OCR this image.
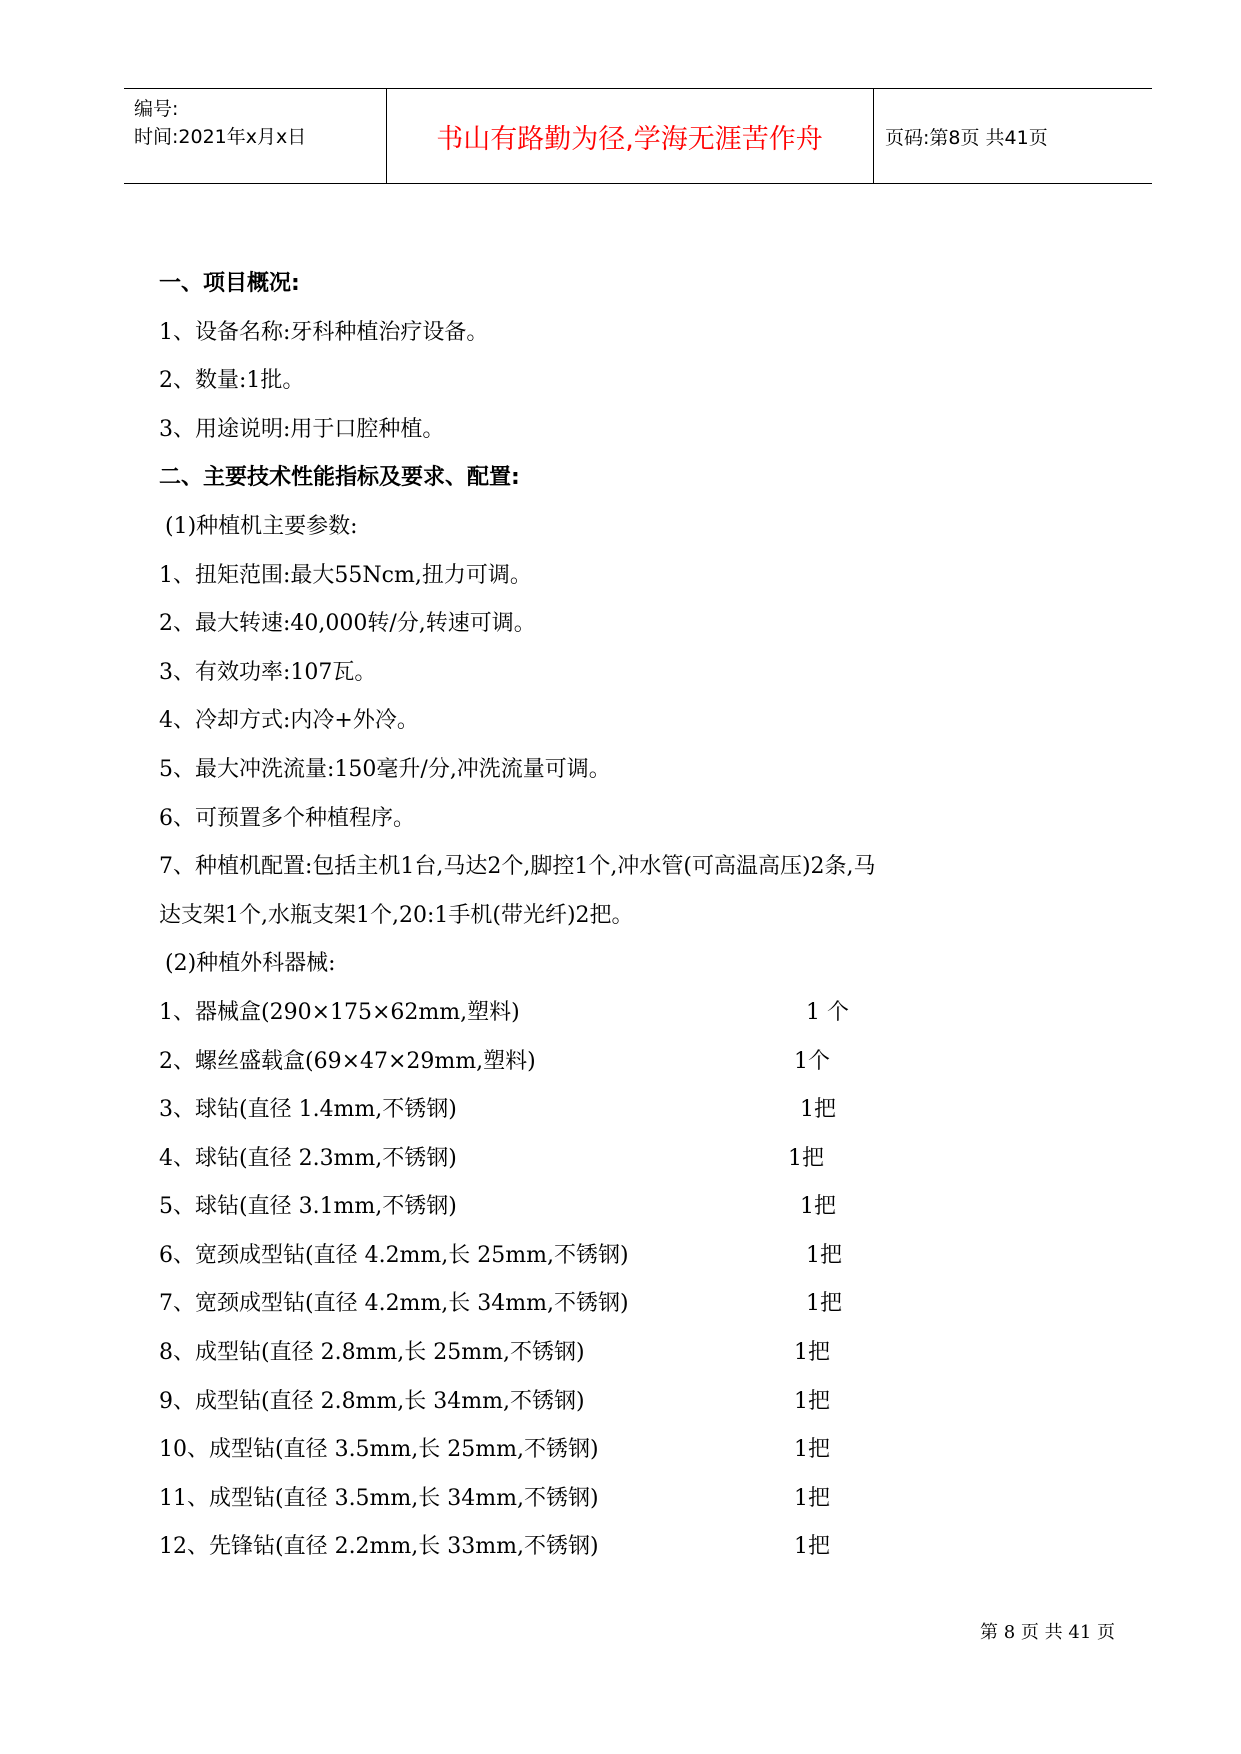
编号:
时间:2021年x月x日	书山有路勤为径,学海无涯苦作舟	页码:第8页 共41页
一、项目概况:
1、设备名称:牙科种植治疗设备。
2、数量:1批。
3、用途说明:用于口腔种植。
二、主要技术性能指标及要求、配置:
(1)种植机主要参数:
1、扭矩范围:最大55Ncm,扭力可调。
2、最大转速:40,000转/分,转速可调。
3、有效功率:107瓦。
4、冷却方式:内冷+外冷。
5、最大冲洗流量:150毫升/分,冲洗流量可调。
6、可预置多个种植程序。
7、种植机配置:包括主机1台,马达2个,脚控1个,冲水管(可高温高压)2条,马
达支架1个,水瓶支架1个,20:1手机(带光纤)2把。
(2)种植外科器械:
1、器械盒(290×175×62mm,塑料)	1 个
2、螺丝盛载盒(69×47×29mm,塑料)	1个
3、球钻(直径 1.4mm,不锈钢)	1把
4、球钻(直径 2.3mm,不锈钢)	1把
5、球钻(直径 3.1mm,不锈钢)	1把
6、宽颈成型钻(直径 4.2mm,长 25mm,不锈钢)	1把
7、宽颈成型钻(直径 4.2mm,长 34mm,不锈钢)	1把
8、成型钻(直径 2.8mm,长 25mm,不锈钢)	1把
9、成型钻(直径 2.8mm,长 34mm,不锈钢)	1把
10、成型钻(直径 3.5mm,长 25mm,不锈钢)	1把
11、成型钻(直径 3.5mm,长 34mm,不锈钢)	1把
12、先锋钻(直径 2.2mm,长 33mm,不锈钢)	1把
第 8 页 共 41 页
